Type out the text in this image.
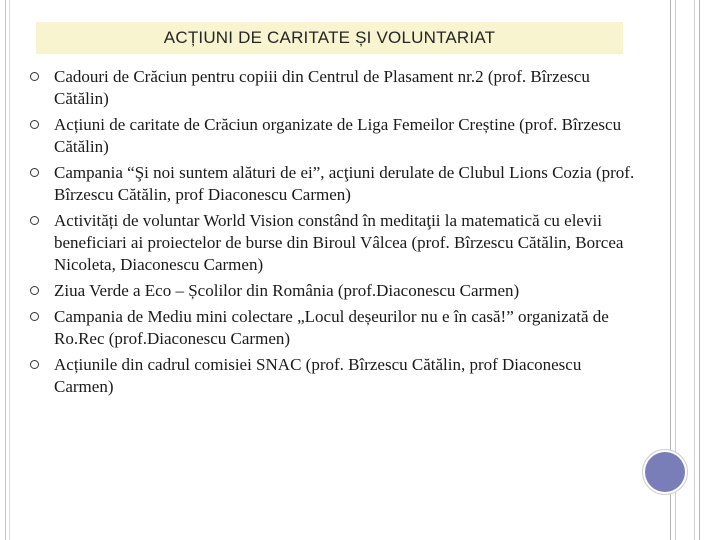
ACȚIUNI DE CARITATE ȘI VOLUNTARIAT
Cadouri de Crăciun pentru copiii din Centrul de Plasament nr.2 (prof. Bîrzescu Cătălin)
Acțiuni de caritate de Crăciun organizate de Liga Femeilor Creștine (prof. Bîrzescu Cătălin)
Campania “Şi noi suntem alături de ei”, acţiuni derulate de Clubul Lions Cozia (prof. Bîrzescu Cătălin, prof Diaconescu Carmen)
Activități de voluntar World Vision constând în meditaţii la matematică cu elevii beneficiari ai proiectelor de burse din Biroul Vâlcea (prof. Bîrzescu Cătălin, Borcea Nicoleta, Diaconescu Carmen)
Ziua Verde a Eco – Școlilor din România (prof.Diaconescu Carmen)
Campania de Mediu mini colectare „Locul deșeurilor nu e în casă!” organizată de Ro.Rec (prof.Diaconescu Carmen)
Acțiunile din cadrul comisiei SNAC (prof. Bîrzescu Cătălin, prof Diaconescu Carmen)
